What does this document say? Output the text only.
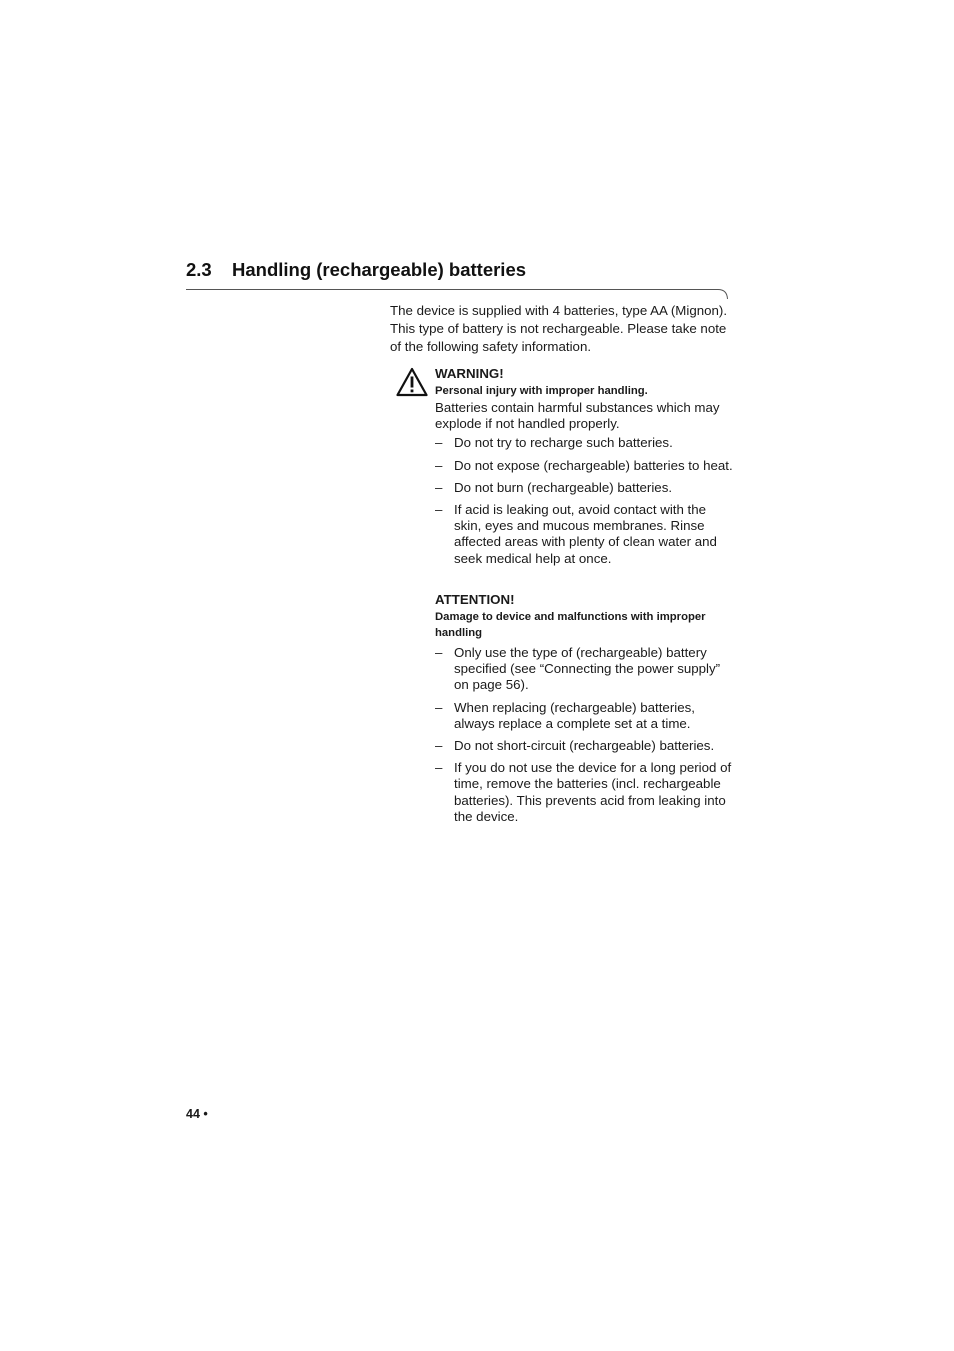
2.3 Handling (rechargeable) batteries

The device is supplied with 4 batteries, type AA (Mignon). This type of battery is not rechargeable. Please take note of the following safety information.

WARNING!

Personal injury with improper handling.

Batteries contain harmful substances which may explode if not handled properly.

– Do not try to recharge such batteries.
– Do not expose (rechargeable) batteries to heat.
– Do not burn (rechargeable) batteries.
– If acid is leaking out, avoid contact with the skin, eyes and mucous membranes. Rinse affected areas with plenty of clean water and seek medical help at once.

ATTENTION!

Damage to device and malfunctions with improper handling

– Only use the type of (rechargeable) battery specified (see “Connecting the power supply” on page 56).
– When replacing (rechargeable) batteries, always replace a complete set at a time.
– Do not short-circuit (rechargeable) batteries.
– If you do not use the device for a long period of time, remove the batteries (incl. rechargeable batteries). This prevents acid from leaking into the device.
44 •
